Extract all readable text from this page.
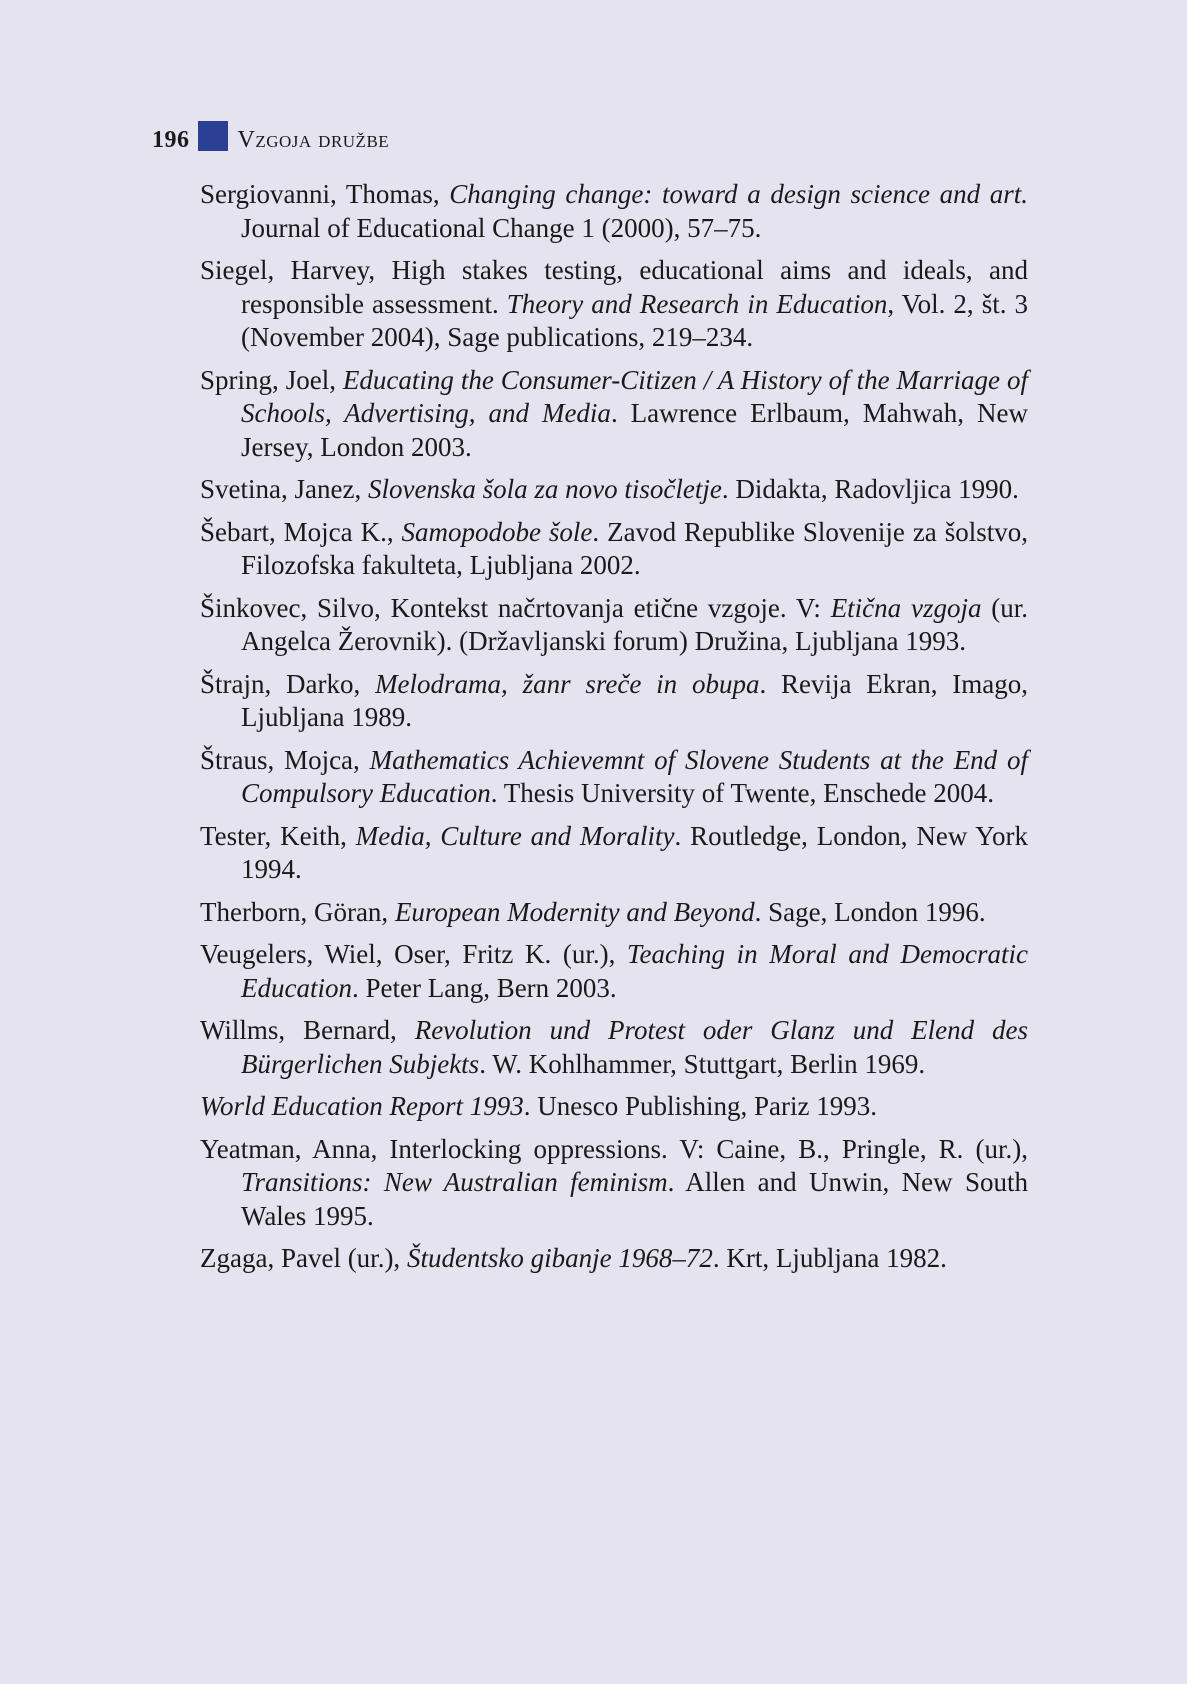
196 Vzgoja družbe
Sergiovanni, Thomas, Changing change: toward a design science and art. Journal of Educational Change 1 (2000), 57–75.
Siegel, Harvey, High stakes testing, educational aims and ideals, and responsible assessment. Theory and Research in Education, Vol. 2, št. 3 (November 2004), Sage publications, 219–234.
Spring, Joel, Educating the Consumer-Citizen / A History of the Marriage of Schools, Advertising, and Media. Lawrence Erlbaum, Mahwah, New Jersey, London 2003.
Svetina, Janez, Slovenska šola za novo tisočletje. Didakta, Radovljica 1990.
Šebart, Mojca K., Samopodobe šole. Zavod Republike Slovenije za šolstvo, Filozofska fakulteta, Ljubljana 2002.
Šinkovec, Silvo, Kontekst načrtovanja etične vzgoje. V: Etična vzgoja (ur. Angelca Žerovnik). (Državljanski forum) Družina, Ljubljana 1993.
Štrajn, Darko, Melodrama, žanr sreče in obupa. Revija Ekran, Imago, Ljubljana 1989.
Štraus, Mojca, Mathematics Achievemnt of Slovene Students at the End of Compulsory Education. Thesis University of Twente, Enschede 2004.
Tester, Keith, Media, Culture and Morality. Routledge, London, New York 1994.
Therborn, Göran, European Modernity and Beyond. Sage, London 1996.
Veugelers, Wiel, Oser, Fritz K. (ur.), Teaching in Moral and Democratic Education. Peter Lang, Bern 2003.
Willms, Bernard, Revolution und Protest oder Glanz und Elend des Bürgerlichen Subjekts. W. Kohlhammer, Stuttgart, Berlin 1969.
World Education Report 1993. Unesco Publishing, Pariz 1993.
Yeatman, Anna, Interlocking oppressions. V: Caine, B., Pringle, R. (ur.), Transitions: New Australian feminism. Allen and Unwin, New South Wales 1995.
Zgaga, Pavel (ur.), Študentsko gibanje 1968–72. Krt, Ljubljana 1982.
